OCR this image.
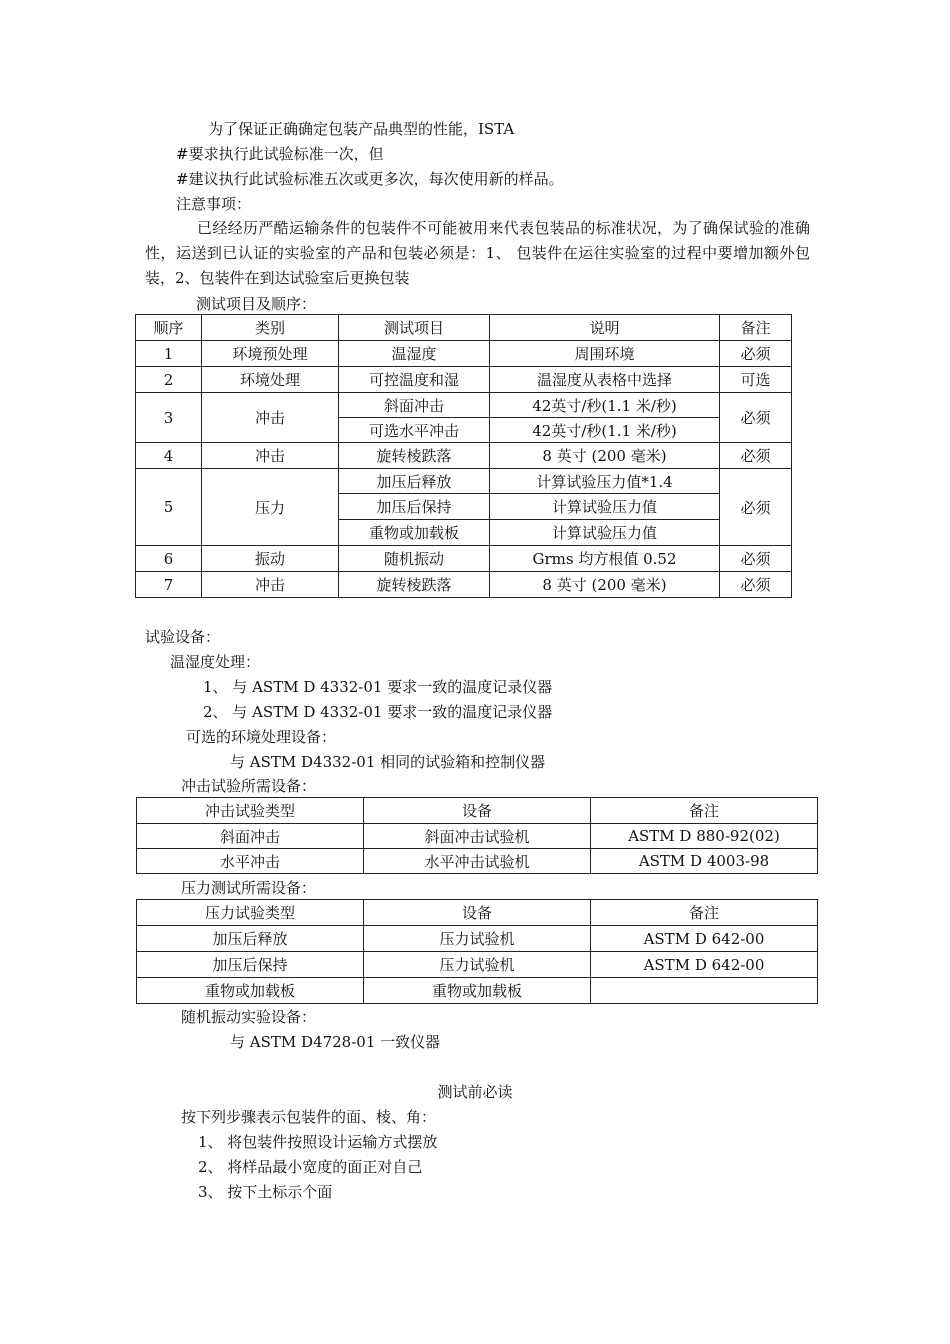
为了保证正确确定包装产品典型的性能，ISTA
#要求执行此试验标准一次，但
#建议执行此试验标准五次或更多次，每次使用新的样品。
注意事项：
已经经历严酷运输条件的包装件不可能被用来代表包装品的标准状况，为了确保试验的准确性，运送到已认证的实验室的产品和包装必须是：1、 包装件在运往实验室的过程中要增加额外包装，2、包装件在到达试验室后更换包装
测试项目及顺序：
顺序	类别	测试项目	说明	备注
1	环境预处理	温湿度	周围环境	必须
2	环境处理	可控温度和湿	温湿度从表格中选择	可选
3	冲击	斜面冲击	42英寸/秒(1.1 米/秒)	必须
		可选水平冲击	42英寸/秒(1.1 米/秒)	
4	冲击	旋转棱跌落	8 英寸 (200 毫米)	必须
5	压力	加压后释放	计算试验压力值*1.4	必须
		加压后保持	计算试验压力值	
		重物或加载板	计算试验压力值	
6	振动	随机振动	Grms 均方根值 0.52	必须
7	冲击	旋转棱跌落	8 英寸 (200 毫米)	必须
试验设备：
温湿度处理：
1、 与 ASTM D 4332-01 要求一致的温度记录仪器
2、 与 ASTM D 4332-01 要求一致的温度记录仪器
可选的环境处理设备：
与 ASTM D4332-01 相同的试验箱和控制仪器
冲击试验所需设备：
冲击试验类型	设备	备注
斜面冲击	斜面冲击试验机	ASTM D 880-92(02)
水平冲击	水平冲击试验机	ASTM D 4003-98
压力测试所需设备：
压力试验类型	设备	备注
加压后释放	压力试验机	ASTM D 642-00
加压后保持	压力试验机	ASTM D 642-00
重物或加载板	重物或加载板	
随机振动实验设备：
与 ASTM D4728-01 一致仪器
测试前必读
按下列步骤表示包装件的面、棱、角：
1、 将包装件按照设计运输方式摆放
2、 将样品最小宽度的面正对自己
3、 按下土标示个面
